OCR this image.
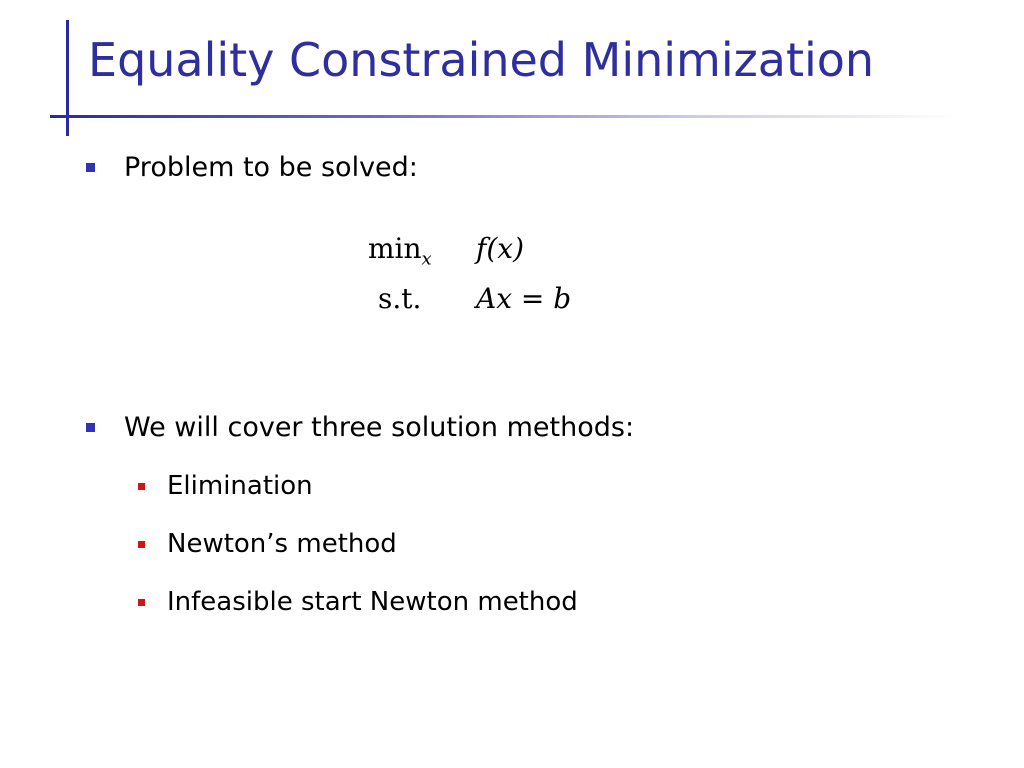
Equality Constrained Minimization
Problem to be solved:
$\min_x f(x)$
s.t. Ax = b
We will cover three solution methods:
Elimination
Newton’s method
Infeasible start Newton method
